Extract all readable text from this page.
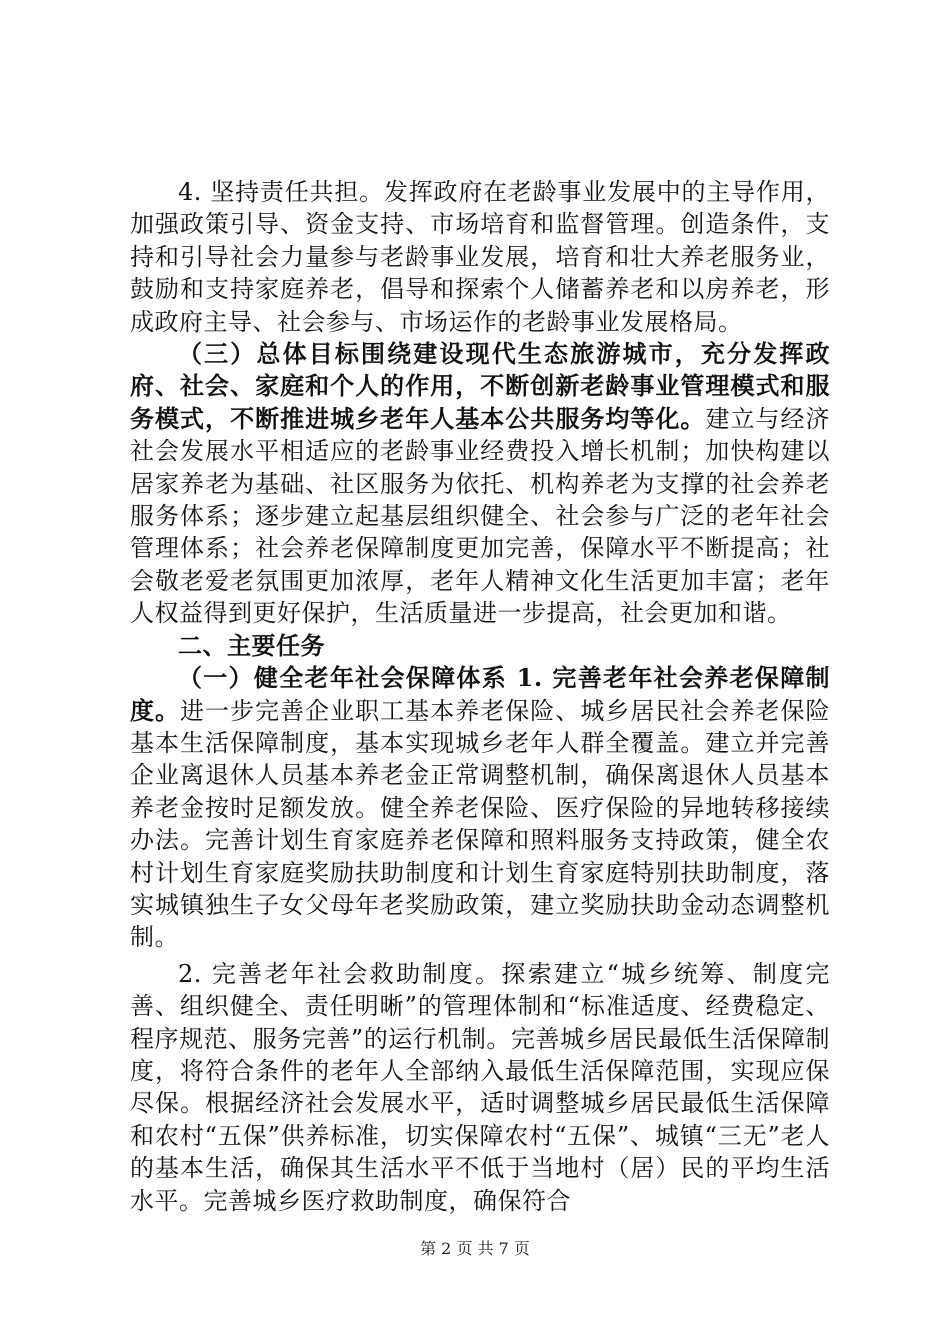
4. 坚持责任共担。发挥政府在老龄事业发展中的主导作用，加强政策引导、资金支持、市场培育和监督管理。创造条件，支持和引导社会力量参与老龄事业发展，培育和壮大养老服务业，鼓励和支持家庭养老，倡导和探索个人储蓄养老和以房养老，形成政府主导、社会参与、市场运作的老龄事业发展格局。

（三）总体目标围绕建设现代生态旅游城市，充分发挥政府、社会、家庭和个人的作用，不断创新老龄事业管理模式和服务模式，不断推进城乡老年人基本公共服务均等化。建立与经济社会发展水平相适应的老龄事业经费投入增长机制；加快构建以居家养老为基础、社区服务为依托、机构养老为支撑的社会养老服务体系；逐步建立起基层组织健全、社会参与广泛的老年社会管理体系；社会养老保障制度更加完善，保障水平不断提高；社会敬老爱老氛围更加浓厚，老年人精神文化生活更加丰富；老年人权益得到更好保护，生活质量进一步提高，社会更加和谐。

二、主要任务

（一）健全老年社会保障体系 1. 完善老年社会养老保障制度。进一步完善企业职工基本养老保险、城乡居民社会养老保险基本生活保障制度，基本实现城乡老年人群全覆盖。建立并完善企业离退休人员基本养老金正常调整机制，确保离退休人员基本养老金按时足额发放。健全养老保险、医疗保险的异地转移接续办法。完善计划生育家庭养老保障和照料服务支持政策，健全农村计划生育家庭奖励扶助制度和计划生育家庭特别扶助制度，落实城镇独生子女父母年老奖励政策，建立奖励扶助金动态调整机制。

2. 完善老年社会救助制度。探索建立“城乡统筹、制度完善、组织健全、责任明晰”的管理体制和“标准适度、经费稳定、程序规范、服务完善”的运行机制。完善城乡居民最低生活保障制度，将符合条件的老年人全部纳入最低生活保障范围，实现应保尽保。根据经济社会发展水平，适时调整城乡居民最低生活保障和农村“五保”供养标准，切实保障农村“五保”、城镇“三无”老人的基本生活，确保其生活水平不低于当地村（居）民的平均生活水平。完善城乡医疗救助制度，确保符合

第 2 页 共 7 页
